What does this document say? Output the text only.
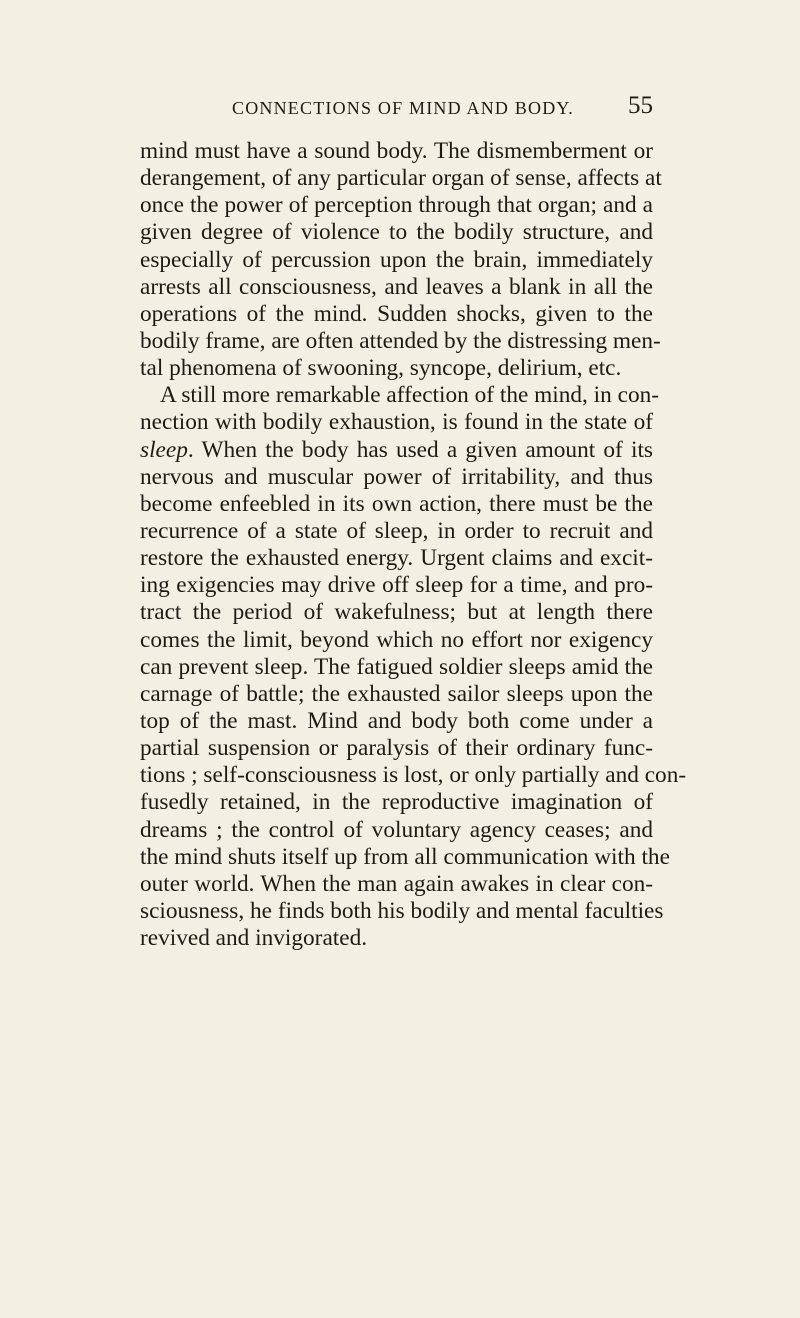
CONNECTIONS OF MIND AND BODY. 55
mind must have a sound body. The dismemberment or
derangement, of any particular organ of sense, affects at
once the power of perception through that organ; and a
given degree of violence to the bodily structure, and
especially of percussion upon the brain, immediately
arrests all consciousness, and leaves a blank in all the
operations of the mind. Sudden shocks, given to the
bodily frame, are often attended by the distressing men-
tal phenomena of swooning, syncope, delirium, etc.
A still more remarkable affection of the mind, in con-
nection with bodily exhaustion, is found in the state of
sleep. When the body has used a given amount of its
nervous and muscular power of irritability, and thus
become enfeebled in its own action, there must be the
recurrence of a state of sleep, in order to recruit and
restore the exhausted energy. Urgent claims and excit-
ing exigencies may drive off sleep for a time, and pro-
tract the period of wakefulness; but at length there
comes the limit, beyond which no effort nor exigency
can prevent sleep. The fatigued soldier sleeps amid the
carnage of battle; the exhausted sailor sleeps upon the
top of the mast. Mind and body both come under a
partial suspension or paralysis of their ordinary func-
tions ; self-consciousness is lost, or only partially and con-
fusedly retained, in the reproductive imagination of
dreams ; the control of voluntary agency ceases; and
the mind shuts itself up from all communication with the
outer world. When the man again awakes in clear con-
sciousness, he finds both his bodily and mental faculties
revived and invigorated.
